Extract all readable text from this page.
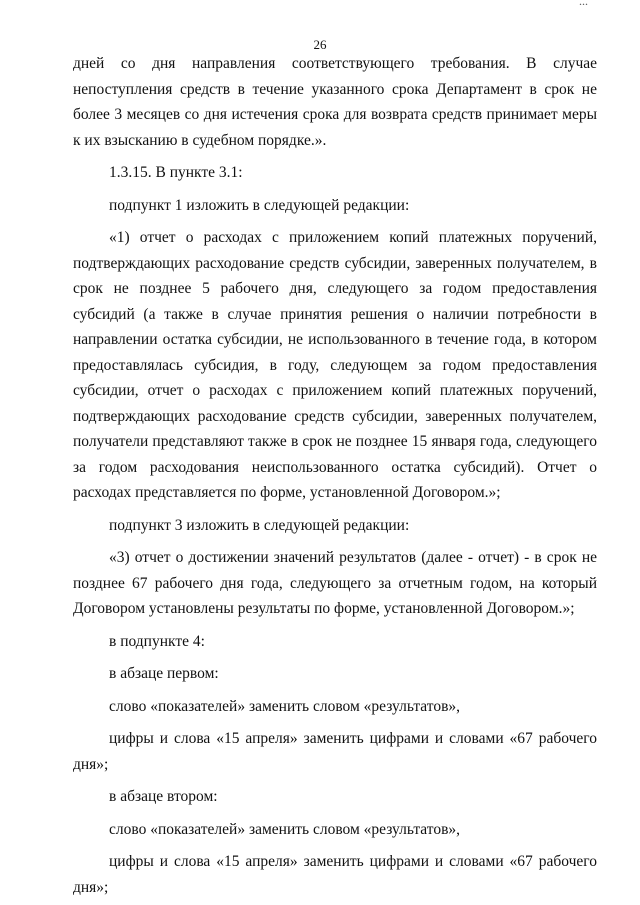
...
26

дней со дня направления соответствующего требования. В случае непоступления средств в течение указанного срока Департамент в срок не более 3 месяцев со дня истечения срока для возврата средств принимает меры к их взысканию в судебном порядке.».

1.3.15. В пункте 3.1:

подпункт 1 изложить в следующей редакции:

«1) отчет о расходах с приложением копий платежных поручений, подтверждающих расходование средств субсидии, заверенных получателем, в срок не позднее 5 рабочего дня, следующего за годом предоставления субсидий (а также в случае принятия решения о наличии потребности в направлении остатка субсидии, не использованного в течение года, в котором предоставлялась субсидия, в году, следующем за годом предоставления субсидии, отчет о расходах с приложением копий платежных поручений, подтверждающих расходование средств субсидии, заверенных получателем, получатели представляют также в срок не позднее 15 января года, следующего за годом расходования неиспользованного остатка субсидий). Отчет о расходах представляется по форме, установленной Договором.»;

подпункт 3 изложить в следующей редакции:

«3) отчет о достижении значений результатов (далее - отчет) - в срок не позднее 67 рабочего дня года, следующего за отчетным годом, на который Договором установлены результаты по форме, установленной Договором.»;

в подпункте 4:

в абзаце первом:

слово «показателей» заменить словом «результатов»,

цифры и слова «15 апреля» заменить цифрами и словами «67 рабочего дня»;

в абзаце втором:

слово «показателей» заменить словом «результатов»,

цифры и слова «15 апреля» заменить цифрами и словами «67 рабочего дня»;
